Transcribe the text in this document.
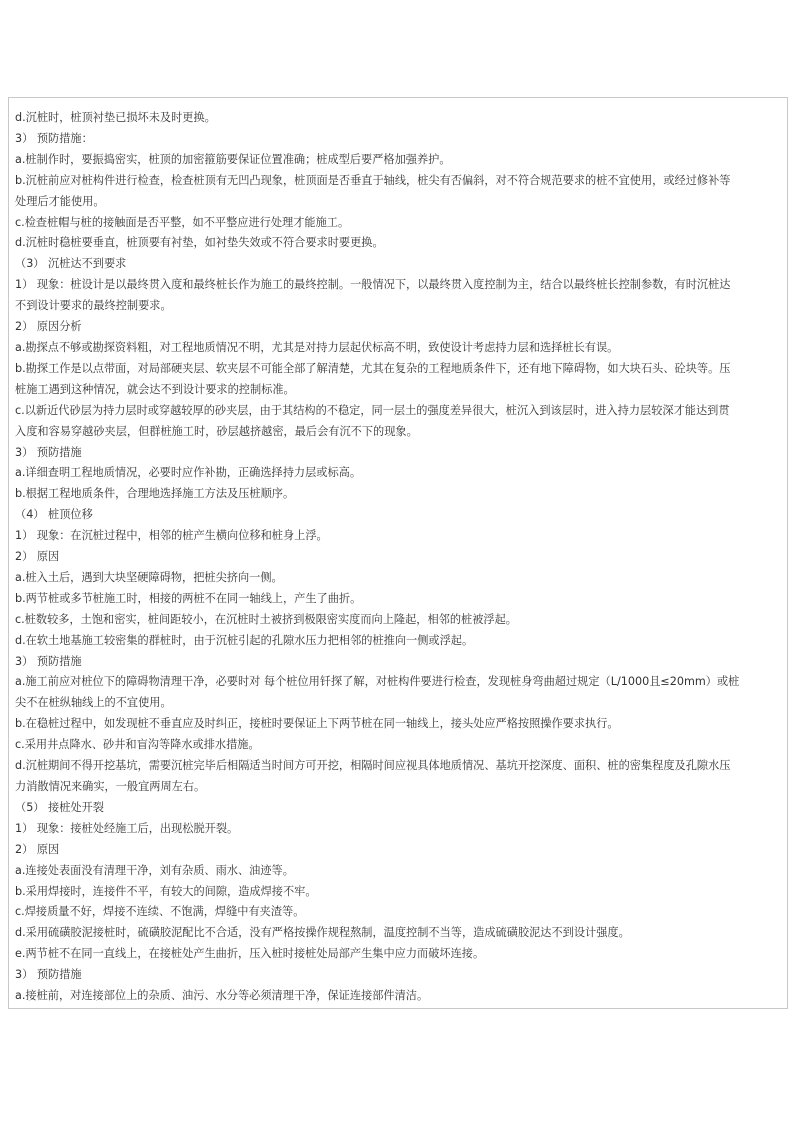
d.沉桩时，桩顶衬垫已损坏未及时更换。
3） 预防措施：
a.桩制作时，要振捣密实，桩顶的加密箍筋要保证位置准确；桩成型后要严格加强养护。
b.沉桩前应对桩构件进行检查，检查桩顶有无凹凸现象，桩顶面是否垂直于轴线，桩尖有否偏斜，对不符合规范要求的桩不宜使用，或经过修补等
处理后才能使用。
c.检查桩帽与桩的接触面是否平整，如不平整应进行处理才能施工。
d.沉桩时稳桩要垂直，桩顶要有衬垫，如衬垫失效或不符合要求时要更换。
（3） 沉桩达不到要求
1） 现象：桩设计是以最终贯入度和最终桩长作为施工的最终控制。一般情况下，以最终贯入度控制为主，结合以最终桩长控制参数，有时沉桩达
不到设计要求的最终控制要求。
2） 原因分析
a.勘探点不够或勘探资料粗，对工程地质情况不明，尤其是对持力层起伏标高不明，致使设计考虑持力层和选择桩长有误。
b.勘探工作是以点带面，对局部硬夹层、软夹层不可能全部了解清楚，尤其在复杂的工程地质条件下，还有地下障碍物，如大块石头、砼块等。压
桩施工遇到这种情况，就会达不到设计要求的控制标准。
c.以新近代砂层为持力层时或穿越较厚的砂夹层，由于其结构的不稳定，同一层土的强度差异很大，桩沉入到该层时，进入持力层较深才能达到贯
入度和容易穿越砂夹层，但群桩施工时，砂层越挤越密，最后会有沉不下的现象。
3） 预防措施
a.详细查明工程地质情况，必要时应作补勘，正确选择持力层或标高。
b.根据工程地质条件，合理地选择施工方法及压桩顺序。
（4） 桩顶位移
1） 现象：在沉桩过程中，相邻的桩产生横向位移和桩身上浮。
2） 原因
a.桩入土后，遇到大块坚硬障碍物，把桩尖挤向一侧。
b.两节桩或多节桩施工时，相接的两桩不在同一轴线上，产生了曲折。
c.桩数较多，土饱和密实，桩间距较小，在沉桩时土被挤到极限密实度而向上隆起，相邻的桩被浮起。
d.在软土地基施工较密集的群桩时，由于沉桩引起的孔隙水压力把相邻的桩推向一侧或浮起。
3） 预防措施
a.施工前应对桩位下的障碍物清理干净，必要时对 每个桩位用钎探了解，对桩构件要进行检查，发现桩身弯曲超过规定（L/1000且≤20mm）或桩
尖不在桩纵轴线上的不宜使用。
b.在稳桩过程中，如发现桩不垂直应及时纠正，接桩时要保证上下两节桩在同一轴线上，接头处应严格按照操作要求执行。
c.采用井点降水、砂井和盲沟等降水或排水措施。
d.沉桩期间不得开挖基坑，需要沉桩完毕后相隔适当时间方可开挖，相隔时间应视具体地质情况、基坑开挖深度、面积、桩的密集程度及孔隙水压
力消散情况来确实，一般宜两周左右。
（5） 接桩处开裂
1） 现象：接桩处经施工后，出现松脱开裂。
2） 原因
a.连接处表面没有清理干净，刘有杂质、雨水、油迹等。
b.采用焊接时，连接件不平，有较大的间隙，造成焊接不牢。
c.焊接质量不好，焊接不连续、不饱满，焊缝中有夹渣等。
d.采用硫磺胶泥接桩时，硫磺胶泥配比不合适，没有严格按操作规程熬制，温度控制不当等，造成硫磺胶泥达不到设计强度。
e.两节桩不在同一直线上，在接桩处产生曲折，压入桩时接桩处局部产生集中应力而破坏连接。
3） 预防措施
a.接桩前，对连接部位上的杂质、油污、水分等必须清理干净，保证连接部件清洁。
